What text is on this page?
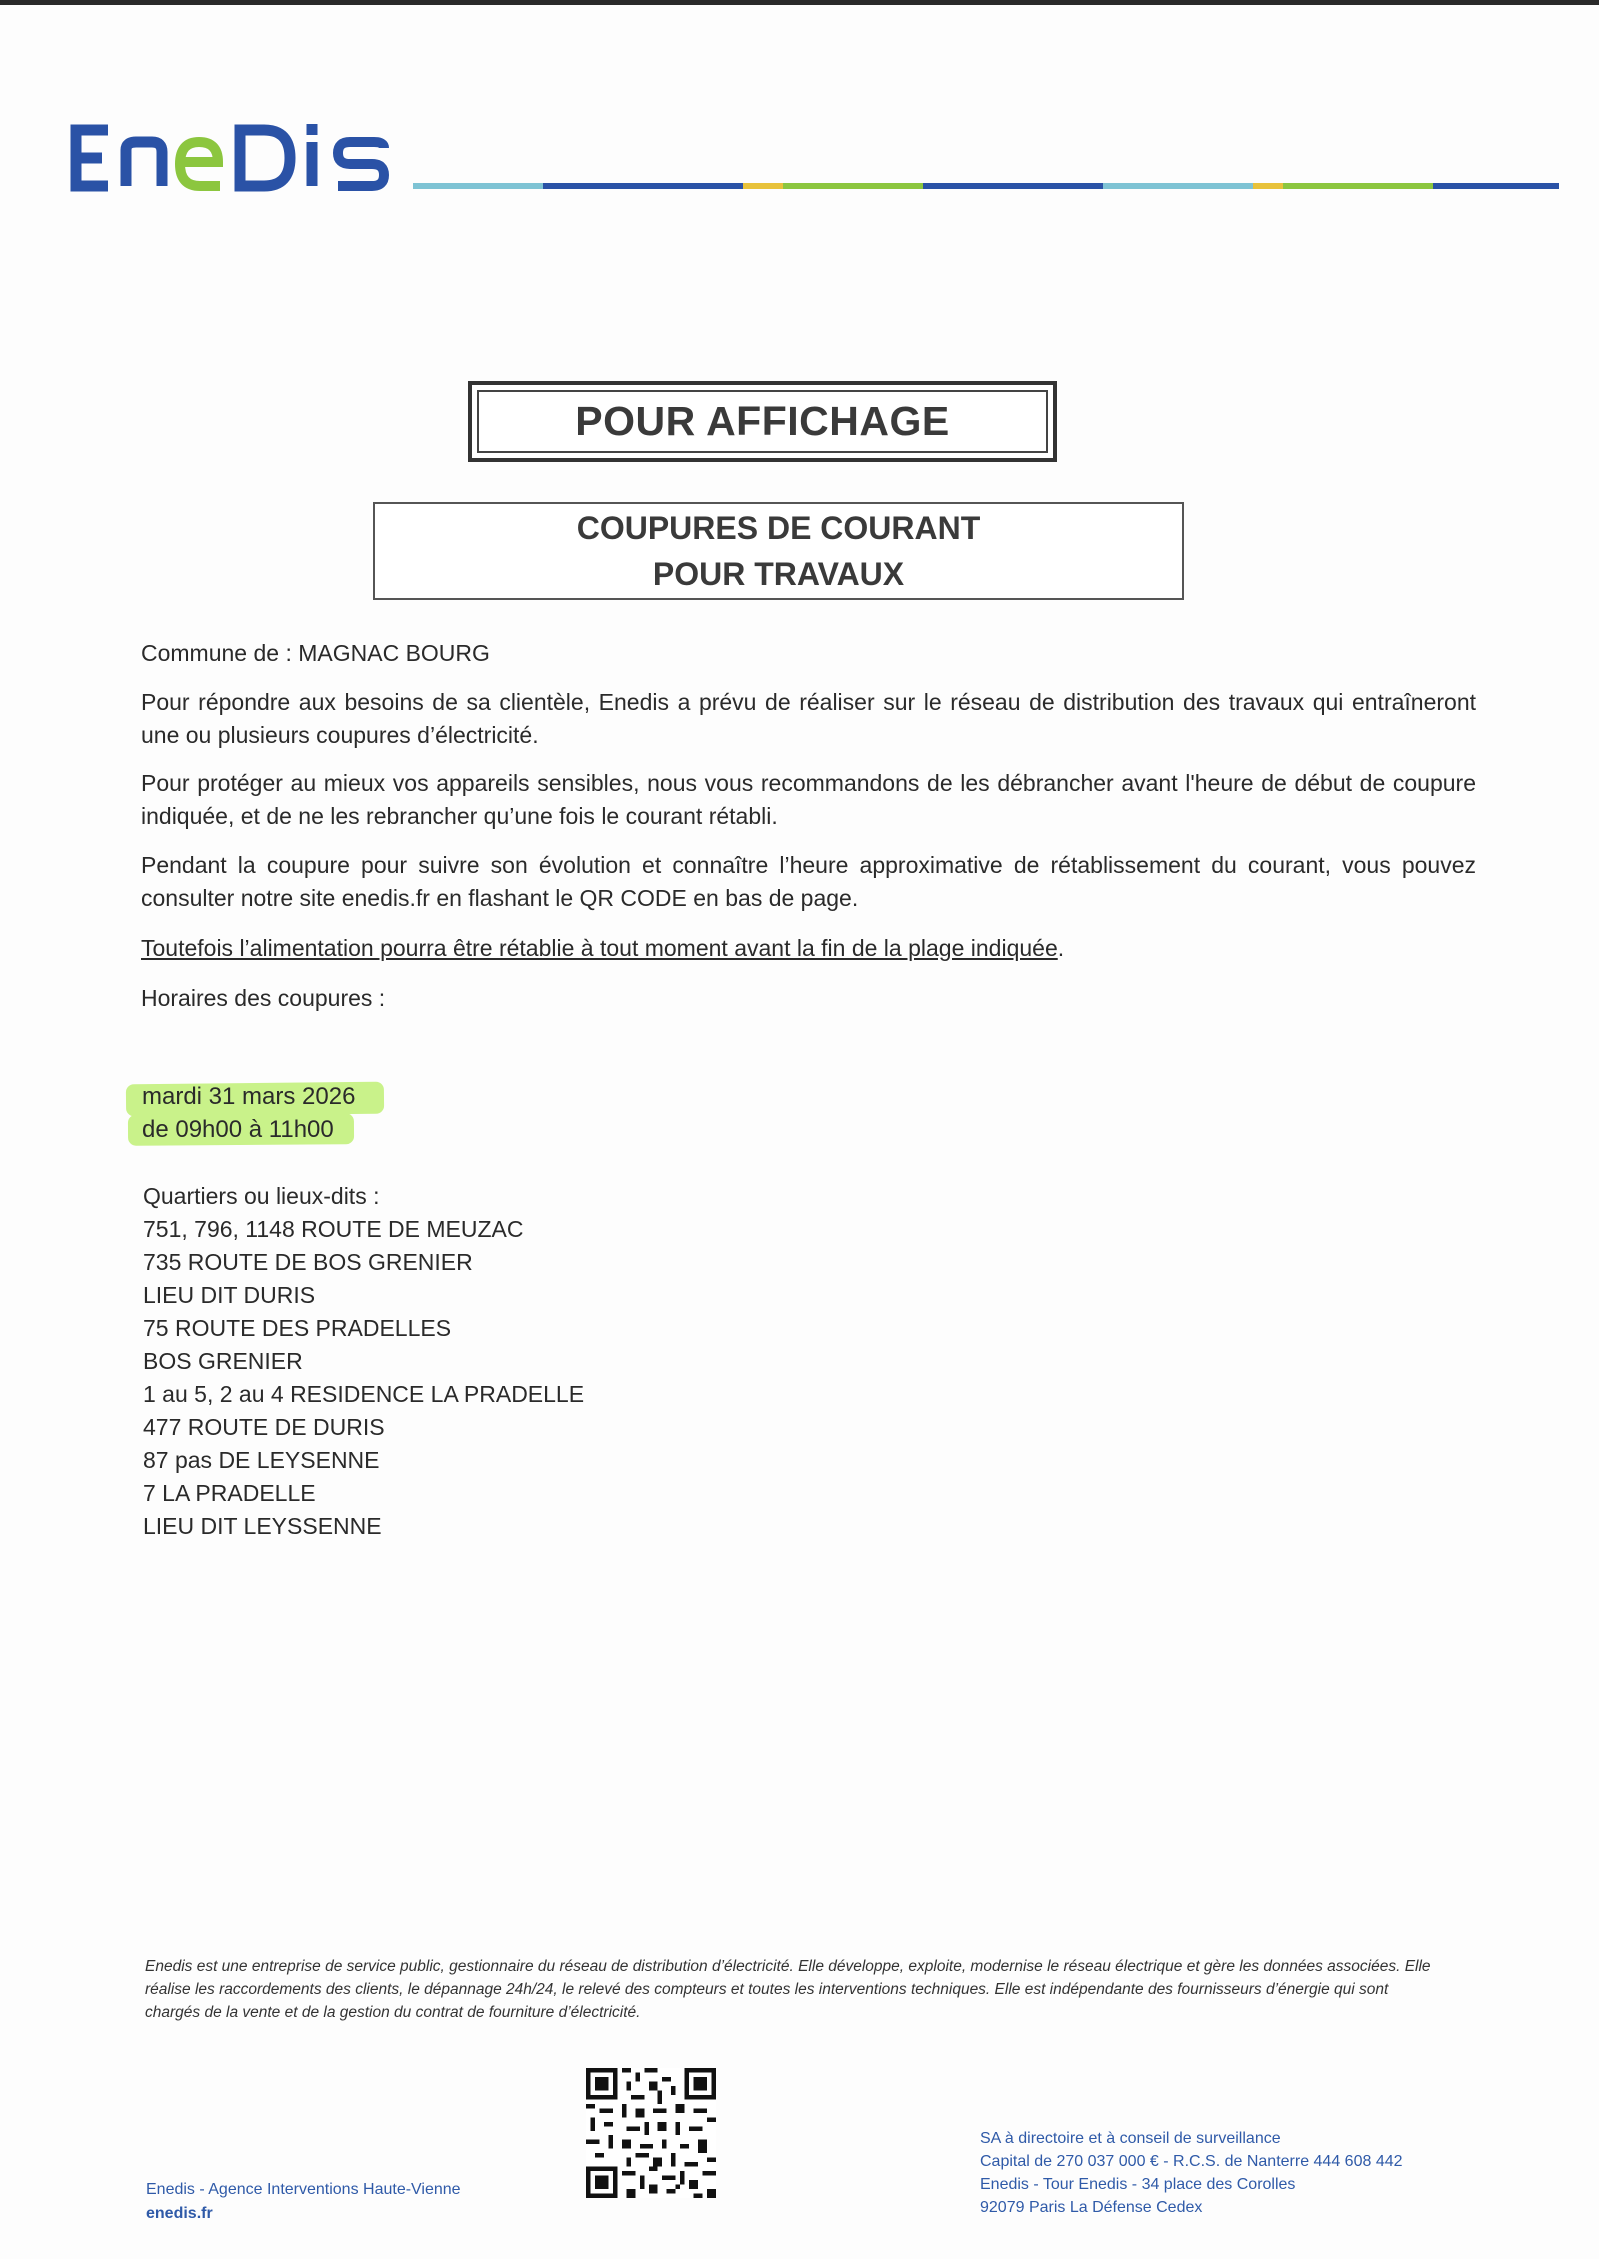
POUR AFFICHAGE
COUPURES DE COURANT
POUR TRAVAUX
Commune de : MAGNAC BOURG
Pour répondre aux besoins de sa clientèle, Enedis a prévu de réaliser sur le réseau de distribution des travaux qui entraîneront une ou plusieurs coupures d’électricité.
Pour protéger au mieux vos appareils sensibles, nous vous recommandons de les débrancher avant l'heure de début de coupure indiquée, et de ne les rebrancher qu’une fois le courant rétabli.
Pendant la coupure pour suivre son évolution et connaître l’heure approximative de rétablissement du courant, vous pouvez consulter notre site enedis.fr en flashant le QR CODE en bas de page.
Toutefois l’alimentation pourra être rétablie à tout moment avant la fin de la plage indiquée.
Horaires des coupures :
mardi 31 mars 2026
de 09h00 à 11h00
Quartiers ou lieux-dits :
751, 796, 1148 ROUTE DE MEUZAC
735 ROUTE DE BOS GRENIER
LIEU DIT DURIS
75 ROUTE DES PRADELLES
BOS GRENIER
1 au 5, 2 au 4 RESIDENCE LA PRADELLE
477 ROUTE DE DURIS
87 pas DE LEYSENNE
7 LA PRADELLE
LIEU DIT LEYSSENNE
Enedis est une entreprise de service public, gestionnaire du réseau de distribution d’électricité. Elle développe, exploite, modernise le réseau électrique et gère les données associées. Elle réalise les raccordements des clients, le dépannage 24h/24, le relevé des compteurs et toutes les interventions techniques. Elle est indépendante des fournisseurs d’énergie qui sont chargés de la vente et de la gestion du contrat de fourniture d’électricité.
Enedis - Agence Interventions Haute-Vienne
enedis.fr
SA à directoire et à conseil de surveillance
Capital de 270 037 000 € - R.C.S. de Nanterre 444 608 442
Enedis - Tour Enedis - 34 place des Corolles
92079 Paris La Défense Cedex
